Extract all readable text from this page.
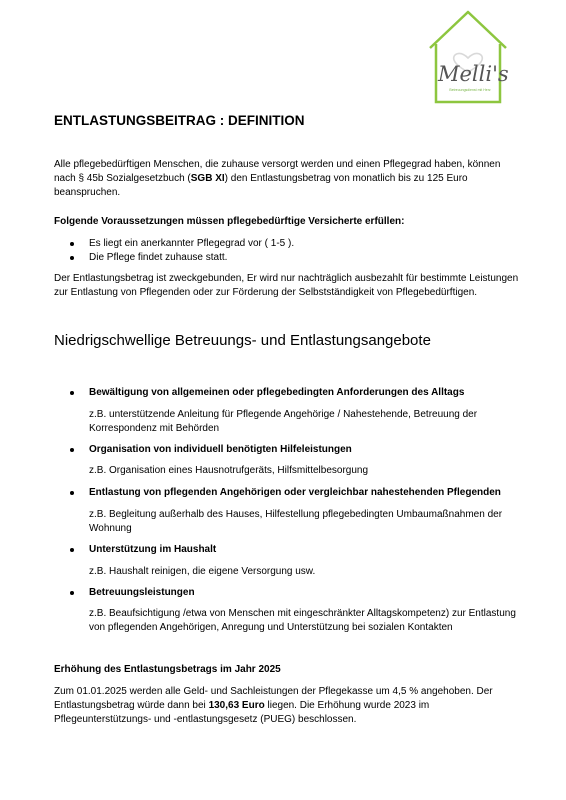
Melli's
Betreuungsdienst mit Herz
ENTLASTUNGSBEITRAG : DEFINITION

Alle pflegebedürftigen Menschen, die zuhause versorgt werden und einen Pflegegrad haben, können nach § 45b Sozialgesetzbuch (SGB XI) den Entlastungsbetrag von monatlich bis zu 125 Euro beanspruchen.

Folgende Voraussetzungen müssen pflegebedürftige Versicherte erfüllen:

Es liegt ein anerkannter Pflegegrad vor ( 1-5 ).
Die Pflege findet zuhause statt.

Der Entlastungsbetrag ist zweckgebunden, Er wird nur nachträglich ausbezahlt für bestimmte Leistungen zur Entlastung von Pflegenden oder zur Förderung der Selbstständigkeit von Pflegebedürftigen.

Niedrigschwellige Betreuungs- und Entlastungsangebote
Bewältigung von allgemeinen oder pflegebedingten Anforderungen des Alltags
z.B. unterstützende Anleitung für Pflegende Angehörige / Nahestehende, Betreuung der Korrespondenz mit Behörden
Organisation von individuell benötigten Hilfeleistungen
z.B. Organisation eines Hausnotrufgeräts, Hilfsmittelbesorgung
Entlastung von pflegenden Angehörigen oder vergleichbar nahestehenden Pflegenden
z.B. Begleitung außerhalb des Hauses, Hilfestellung pflegebedingten Umbaumaßnahmen der Wohnung
Unterstützung im Haushalt
z.B. Haushalt reinigen, die eigene Versorgung usw.
Betreuungsleistungen
z.B. Beaufsichtigung /etwa von Menschen mit eingeschränkter Alltagskompetenz) zur Entlastung von pflegenden Angehörigen, Anregung und Unterstützung bei sozialen Kontakten

Erhöhung des Entlastungsbetrags im Jahr 2025

Zum 01.01.2025 werden alle Geld- und Sachleistungen der Pflegekasse um 4,5 % angehoben. Der Entlastungsbetrag würde dann bei 130,63 Euro liegen. Die Erhöhung wurde 2023 im Pflegeunterstützungs- und -entlastungsgesetz (PUEG) beschlossen.
